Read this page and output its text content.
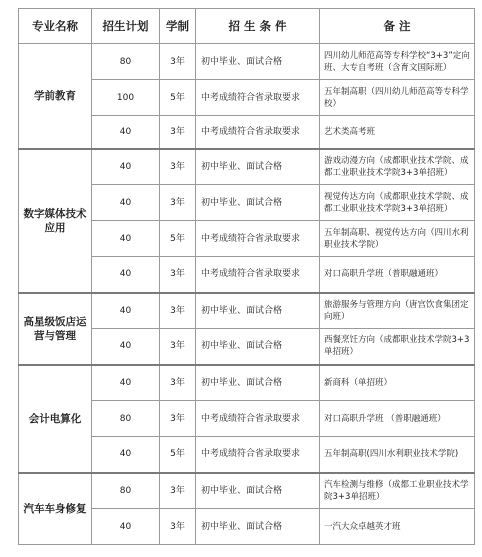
专业名称	招生计划	学制	招 生 条 件	备 注
学前教育	80	3年	初中毕业、面试合格	四川幼儿师范高等专科学校“3+3”定向班、大专自考班（含育文国际班）
	100	5年	中考成绩符合省录取要求	五年制高职（四川幼儿师范高等专科学校）
	40	3年	中考成绩符合省录取要求	艺术类高考班
数字媒体技术应用	40	3年	初中毕业、面试合格	游戏动漫方向（成都职业技术学院、成都工业职业技术学院3+3单招班）
	40	3年	初中毕业、面试合格	视觉传达方向（成都职业技术学院、成都工业职业技术学院3+3单招班）
	40	5年	中考成绩符合省录取要求	五年制高职、视觉传达方向（四川水利职业技术学院）
	40	3年	中考成绩符合省录取要求	对口高职升学班（普职融通班）
高星级饭店运营与管理	40	3年	初中毕业、面试合格	旅游服务与管理方向（唐宫饮食集团定向班）
	40	3年	初中毕业、面试合格	西餐烹饪方向（成都职业技术学院3+3单招班）
会计电算化	40	3年	初中毕业、面试合格	新商科（单招班）
	80	3年	中考成绩符合省录取要求	对口高职升学班 （普职融通班）
	40	5年	中考成绩符合省录取要求	五年制高职(四川水利职业技术学院)
汽车车身修复	80	3年	初中毕业、面试合格	汽车检测与维修（成都工业职业技术学院3+3单招班）
	40	3年	初中毕业、面试合格	一汽大众卓越英才班
